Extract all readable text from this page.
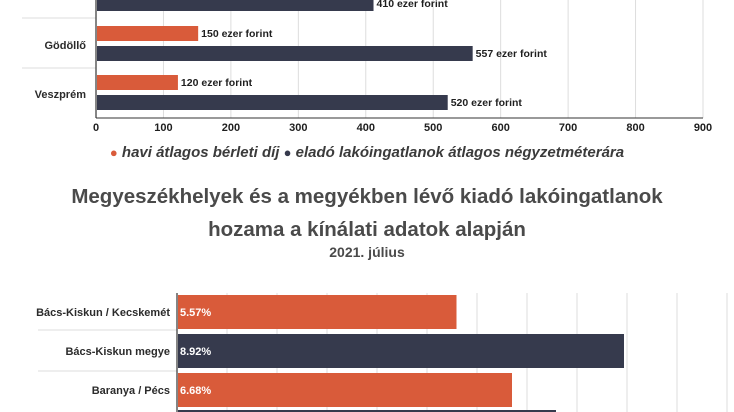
0	100	200	300	400	500	600	700	800	900
410 ezer forint
Gödöllő
150 ezer forint
557 ezer forint
Veszprém
120 ezer forint
520 ezer forint
● havi átlagos bérleti díj ● eladó lakóingatlanok átlagos négyzetméterára
Megyeszékhelyek és a megyékben lévő kiadó lakóingatlanok
hozama a kínálati adatok alapján
2021. július
5.57%
Bács-Kiskun / Kecskemét
8.92%
Bács-Kiskun megye
6.68%
Baranya / Pécs
